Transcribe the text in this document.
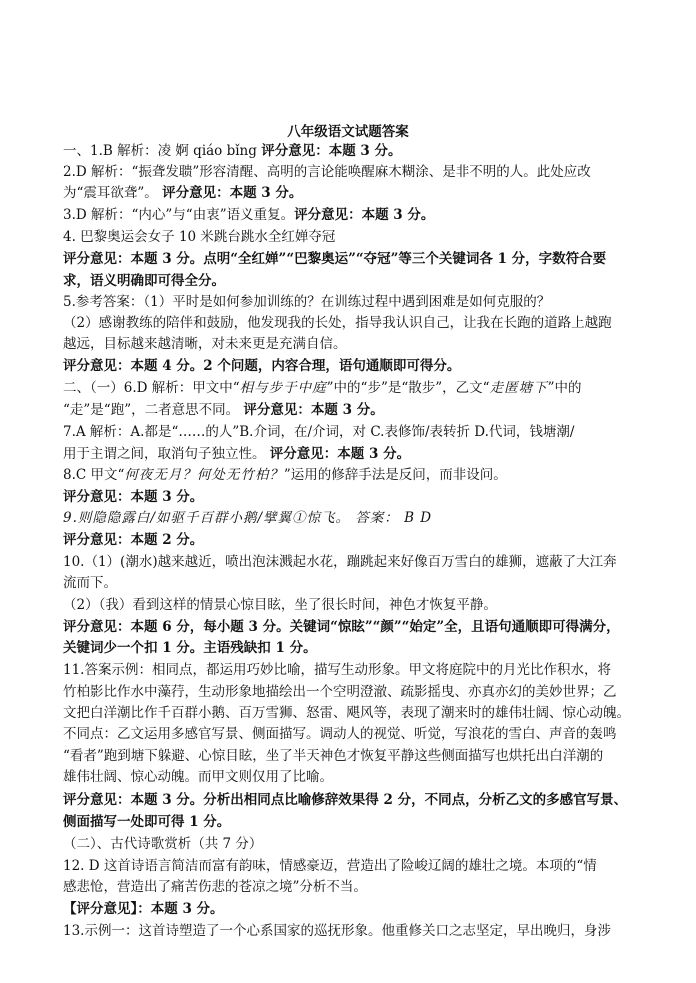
八年级语文试题答案
一、1.B 解析：凌 婀 qiáo bǐng 评分意见：本题 3 分。
2.D 解析：“振聋发聩”形容清醒、高明的言论能唤醒麻木糊涂、是非不明的人。此处应改
为“震耳欲聋”。 评分意见：本题 3 分。
3.D 解析：“内心”与“由衷”语义重复。评分意见：本题 3 分。
4. 巴黎奥运会女子 10 米跳台跳水全红婵夺冠
评分意见：本题 3 分。点明“全红婵”“巴黎奥运”“夺冠”等三个关键词各 1 分，字数符合要
求，语义明确即可得全分。
5.参考答案：（1）平时是如何参加训练的？在训练过程中遇到困难是如何克服的？
（2）感谢教练的陪伴和鼓励，他发现我的长处，指导我认识自己，让我在长跑的道路上越跑
越远，目标越来越清晰，对未来更是充满自信。
评分意见：本题 4 分。2 个问题，内容合理，语句通顺即可得分。
二、（一）6.D 解析：甲文中“相与步于中庭”中的“步”是“散步”，乙文“走匿塘下”中的
“走”是“跑”，二者意思不同。 评分意见：本题 3 分。
7.A 解析：A.都是“……的人”B.介词，在/介词，对 C.表修饰/表转折 D.代词，钱塘潮/
用于主谓之间，取消句子独立性。 评分意见：本题 3 分。
8.C 甲文“何夜无月？何处无竹柏？”运用的修辞手法是反问，而非设问。
评分意见：本题 3 分。
9.则隐隐露白/如驱千百群小鹅/擘翼①惊飞。 答案： B D
评分意见：本题 2 分。
10.（1）(潮水)越来越近，喷出泡沫溅起水花，蹦跳起来好像百万雪白的雄狮，遮蔽了大江奔
流而下。
（2）（我）看到这样的情景心惊目眩，坐了很长时间，神色才恢复平静。
评分意见：本题 6 分，每小题 3 分。关键词“惊眩”“颜”“始定”全，且语句通顺即可得满分，
关键词少一个扣 1 分。主语残缺扣 1 分。
11.答案示例：相同点，都运用巧妙比喻，描写生动形象。甲文将庭院中的月光比作积水，将
竹柏影比作水中藻荇，生动形象地描绘出一个空明澄澈、疏影摇曳、亦真亦幻的美妙世界；乙
文把白洋潮比作千百群小鹅、百万雪狮、怒雷、飓风等，表现了潮来时的雄伟壮阔、惊心动魄。
不同点：乙文运用多感官写景、侧面描写。调动人的视觉、听觉，写浪花的雪白、声音的轰鸣
“看者”跑到塘下躲避、心惊目眩，坐了半天神色才恢复平静这些侧面描写也烘托出白洋潮的
雄伟壮阔、惊心动魄。而甲文则仅用了比喻。
评分意见：本题 3 分。分析出相同点比喻修辞效果得 2 分，不同点，分析乙文的多感官写景、
侧面描写一处即可得 1 分。
（二）、古代诗歌赏析（共 7 分）
12. D 这首诗语言简洁而富有韵味，情感豪迈，营造出了险峻辽阔的雄壮之境。本项的“情
感悲怆，营造出了痛苦伤悲的苍凉之境”分析不当。
【评分意见】：本题 3 分。
13.示例一：这首诗塑造了一个心系国家的巡抚形象。他重修关口之志坚定，早出晚归，身涉
